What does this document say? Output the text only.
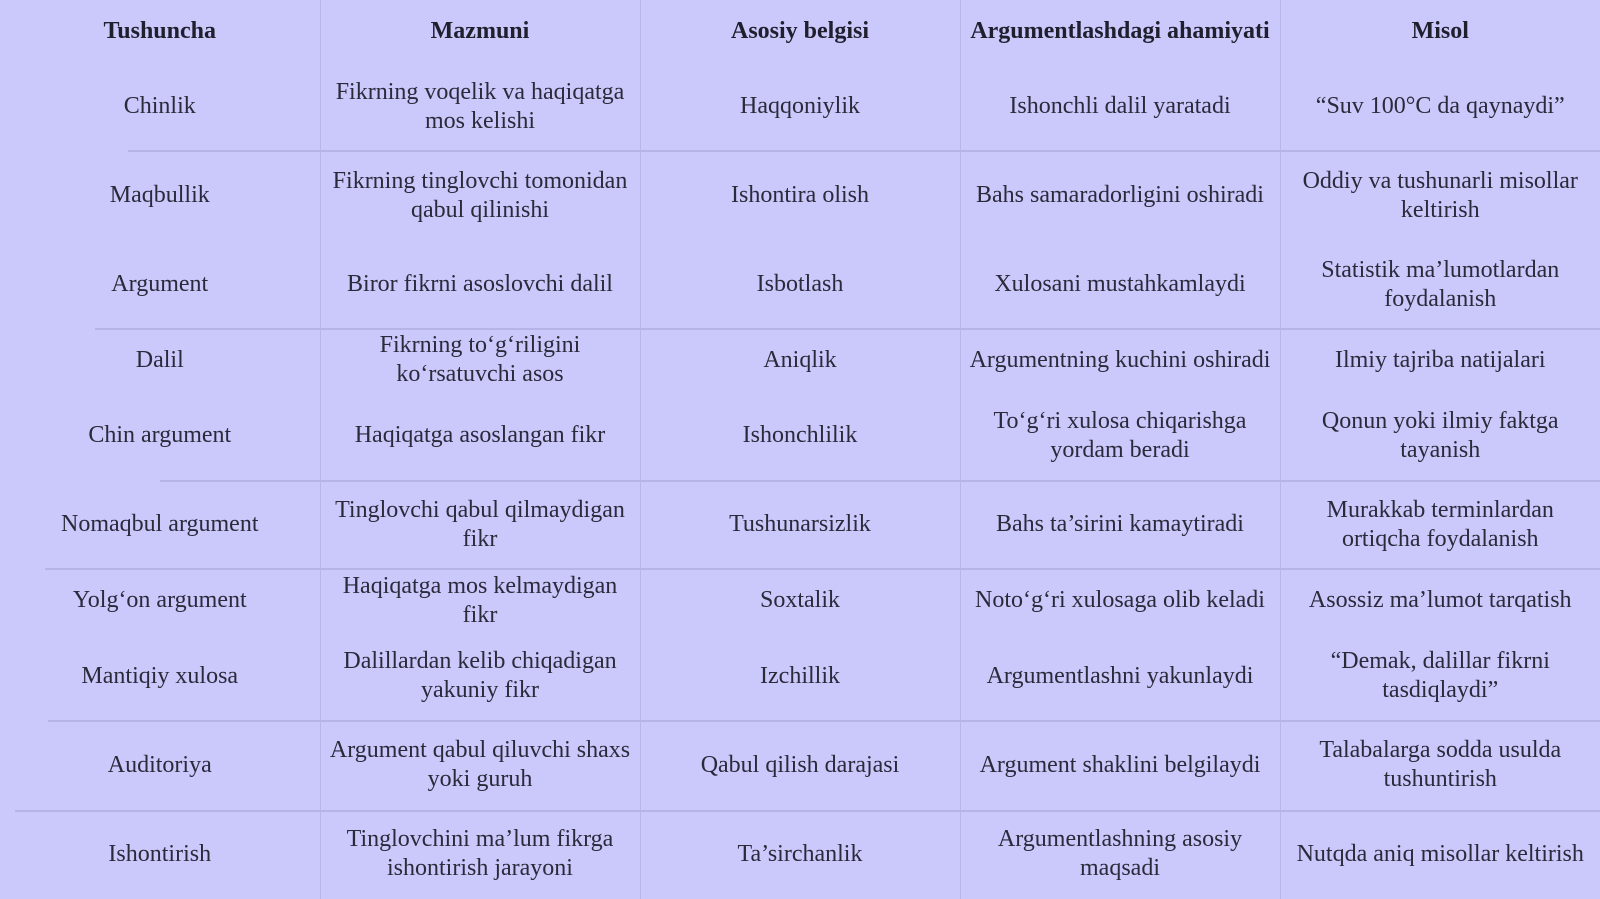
Tushuncha	Mazmuni	Asosiy belgisi	Argumentlashdagi ahamiyati	Misol
Chinlik	Fikrning voqelik va haqiqatga mos kelishi	Haqqoniylik	Ishonchli dalil yaratadi	“Suv 100°C da qaynaydi”
Maqbullik	Fikrning tinglovchi tomonidan qabul qilinishi	Ishontira olish	Bahs samaradorligini oshiradi	Oddiy va tushunarli misollar keltirish
Argument	Biror fikrni asoslovchi dalil	Isbotlash	Xulosani mustahkamlaydi	Statistik ma’lumotlardan foydalanish
Dalil	Fikrning to‘g‘riligini ko‘rsatuvchi asos	Aniqlik	Argumentning kuchini oshiradi	Ilmiy tajriba natijalari
Chin argument	Haqiqatga asoslangan fikr	Ishonchlilik	To‘g‘ri xulosa chiqarishga yordam beradi	Qonun yoki ilmiy faktga tayanish
Nomaqbul argument	Tinglovchi qabul qilmaydigan fikr	Tushunarsizlik	Bahs ta’sirini kamaytiradi	Murakkab terminlardan ortiqcha foydalanish
Yolg‘on argument	Haqiqatga mos kelmaydigan fikr	Soxtalik	Noto‘g‘ri xulosaga olib keladi	Asossiz ma’lumot tarqatish
Mantiqiy xulosa	Dalillardan kelib chiqadigan yakuniy fikr	Izchillik	Argumentlashni yakunlaydi	“Demak, dalillar fikrni tasdiqlaydi”
Auditoriya	Argument qabul qiluvchi shaxs yoki guruh	Qabul qilish darajasi	Argument shaklini belgilaydi	Talabalarga sodda usulda tushuntirish
Ishontirish	Tinglovchini ma’lum fikrga ishontirish jarayoni	Ta’sirchanlik	Argumentlashning asosiy maqsadi	Nutqda aniq misollar keltirish
